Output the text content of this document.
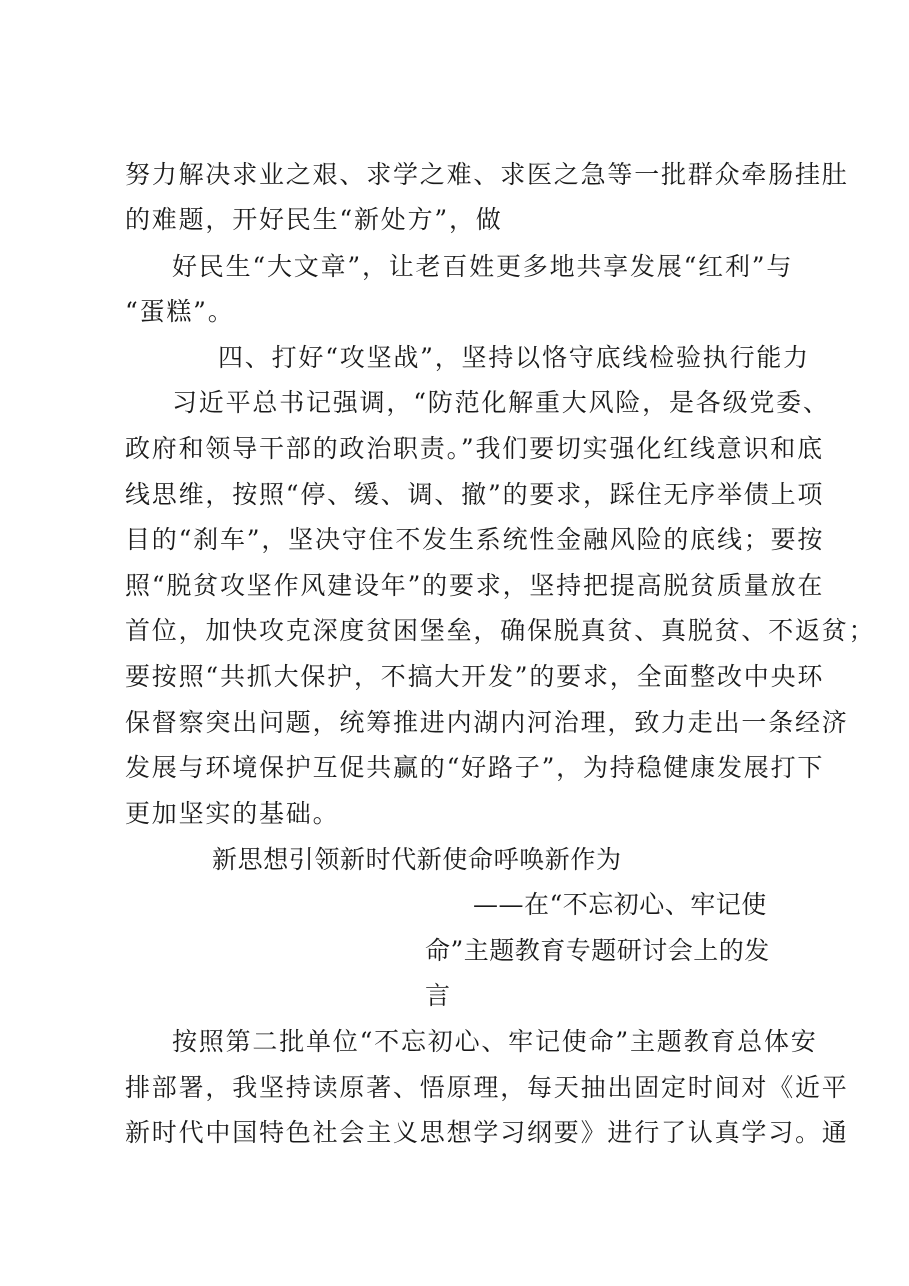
努力解决求业之艰、求学之难、求医之急等一批群众牵肠挂肚
的难题，开好民生“新处方”，做
好民生“大文章”，让老百姓更多地共享发展“红利”与
“蛋糕”。
四、打好“攻坚战”，坚持以恪守底线检验执行能力
习近平总书记强调，“防范化解重大风险，是各级党委、
政府和领导干部的政治职责。”我们要切实强化红线意识和底
线思维，按照“停、缓、调、撤”的要求，踩住无序举债上项
目的“刹车”，坚决守住不发生系统性金融风险的底线；要按
照“脱贫攻坚作风建设年”的要求，坚持把提高脱贫质量放在
首位，加快攻克深度贫困堡垒，确保脱真贫、真脱贫、不返贫；
要按照“共抓大保护，不搞大开发”的要求，全面整改中央环
保督察突出问题，统筹推进内湖内河治理，致力走出一条经济
发展与环境保护互促共赢的“好路子”，为持稳健康发展打下
更加坚实的基础。
新思想引领新时代新使命呼唤新作为
——在“不忘初心、牢记使
命”主题教育专题研讨会上的发
言
按照第二批单位“不忘初心、牢记使命”主题教育总体安
排部署，我坚持读原著、悟原理，每天抽出固定时间对《近平
新时代中国特色社会主义思想学习纲要》进行了认真学习。通
